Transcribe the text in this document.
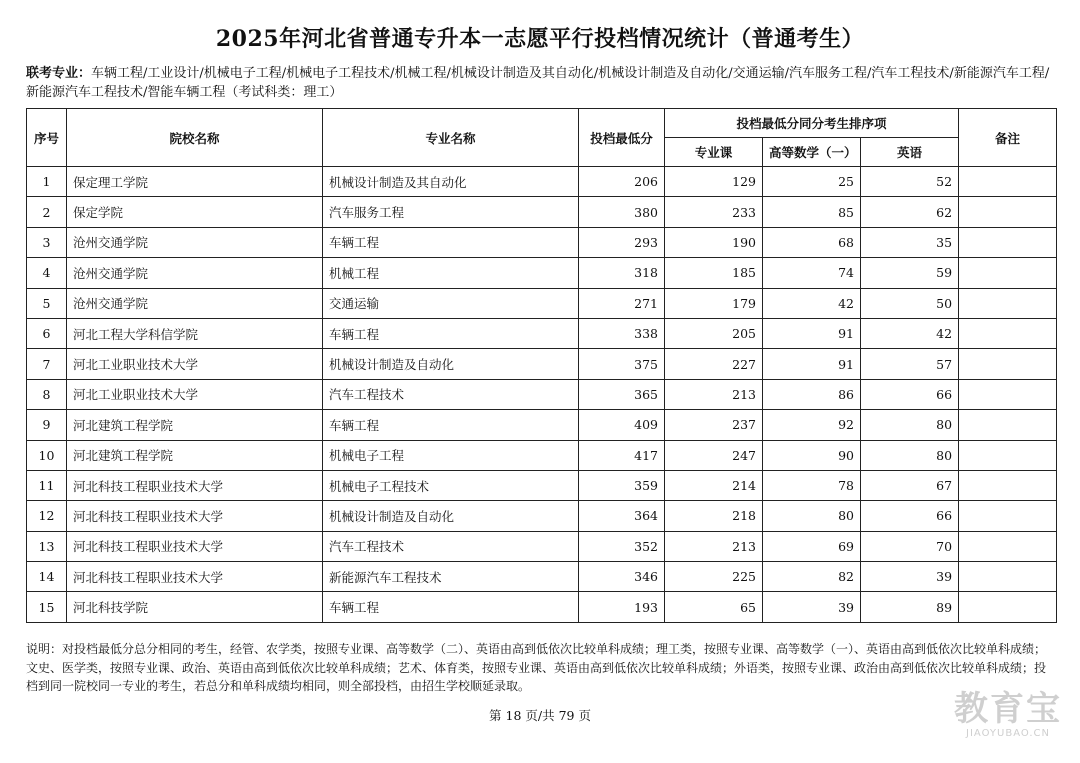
2025年河北省普通专升本一志愿平行投档情况统计（普通考生）
联考专业：车辆工程/工业设计/机械电子工程/机械电子工程技术/机械工程/机械设计制造及其自动化/机械设计制造及自动化/交通运输/汽车服务工程/汽车工程技术/新能源汽车工程/新能源汽车工程技术/智能车辆工程（考试科类：理工）
序号	院校名称	专业名称	投档最低分	投档最低分同分考生排序项			备注
				专业课	高等数学（一）	英语	
1	保定理工学院	机械设计制造及其自动化	206	129	25	52	
2	保定学院	汽车服务工程	380	233	85	62	
3	沧州交通学院	车辆工程	293	190	68	35	
4	沧州交通学院	机械工程	318	185	74	59	
5	沧州交通学院	交通运输	271	179	42	50	
6	河北工程大学科信学院	车辆工程	338	205	91	42	
7	河北工业职业技术大学	机械设计制造及自动化	375	227	91	57	
8	河北工业职业技术大学	汽车工程技术	365	213	86	66	
9	河北建筑工程学院	车辆工程	409	237	92	80	
10	河北建筑工程学院	机械电子工程	417	247	90	80	
11	河北科技工程职业技术大学	机械电子工程技术	359	214	78	67	
12	河北科技工程职业技术大学	机械设计制造及自动化	364	218	80	66	
13	河北科技工程职业技术大学	汽车工程技术	352	213	69	70	
14	河北科技工程职业技术大学	新能源汽车工程技术	346	225	82	39	
15	河北科技学院	车辆工程	193	65	39	89	
说明：对投档最低分总分相同的考生，经管、农学类，按照专业课、高等数学（二）、英语由高到低依次比较单科成绩；理工类，按照专业课、高等数学（一）、英语由高到低依次比较单科成绩；文史、医学类，按照专业课、政治、英语由高到低依次比较单科成绩；艺术、体育类，按照专业课、英语由高到低依次比较单科成绩；外语类，按照专业课、政治由高到低依次比较单科成绩；投档到同一院校同一专业的考生，若总分和单科成绩均相同，则全部投档，由招生学校顺延录取。
第 18 页/共 79 页	教育宝
JIAOYUBAO.CN
